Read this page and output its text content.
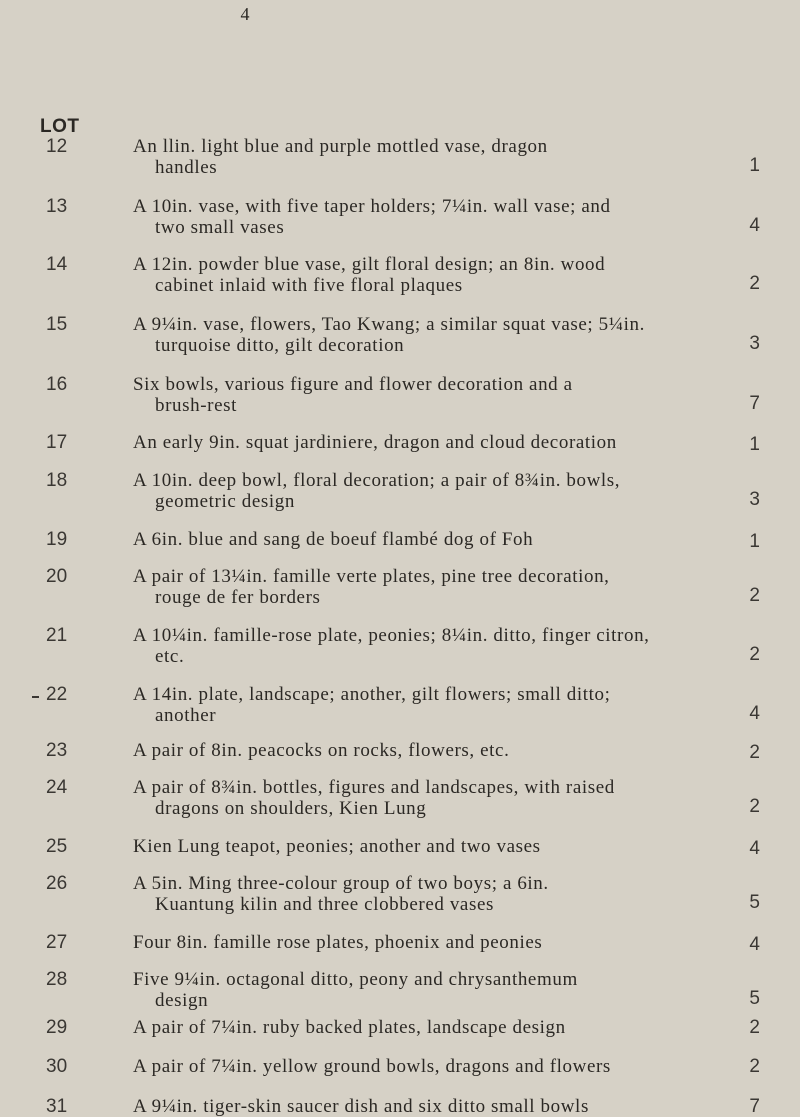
4
LOT
12	An llin. light blue and purple mottled vase, dragon
handles	1
13	A 10in. vase, with five taper holders; 7¼in. wall vase; and
two small vases	4
14	A 12in. powder blue vase, gilt floral design; an 8in. wood
cabinet inlaid with five floral plaques	2
15	A 9¼in. vase, flowers, Tao Kwang; a similar squat vase; 5¼in.
turquoise ditto, gilt decoration	3
16	Six bowls, various figure and flower decoration and a
brush-rest	7
17	An early 9in. squat jardiniere, dragon and cloud decoration	1
18	A 10in. deep bowl, floral decoration; a pair of 8¾in. bowls,
geometric design	3
19	A 6in. blue and sang de boeuf flambé dog of Foh	1
20	A pair of 13¼in. famille verte plates, pine tree decoration,
rouge de fer borders	2
21	A 10¼in. famille-rose plate, peonies; 8¼in. ditto, finger citron,
etc.	2
22	A 14in. plate, landscape; another, gilt flowers; small ditto;
another	4
23	A pair of 8in. peacocks on rocks, flowers, etc.	2
24	A pair of 8¾in. bottles, figures and landscapes, with raised
dragons on shoulders, Kien Lung	2
25	Kien Lung teapot, peonies; another and two vases	4
26	A 5in. Ming three-colour group of two boys; a 6in.
Kuantung kilin and three clobbered vases	5
27	Four 8in. famille rose plates, phoenix and peonies	4
28	Five 9¼in. octagonal ditto, peony and chrysanthemum
design	5
29	A pair of 7¼in. ruby backed plates, landscape design	2
30	A pair of 7¼in. yellow ground bowls, dragons and flowers	2
31	A 9¼in. tiger-skin saucer dish and six ditto small bowls	7
